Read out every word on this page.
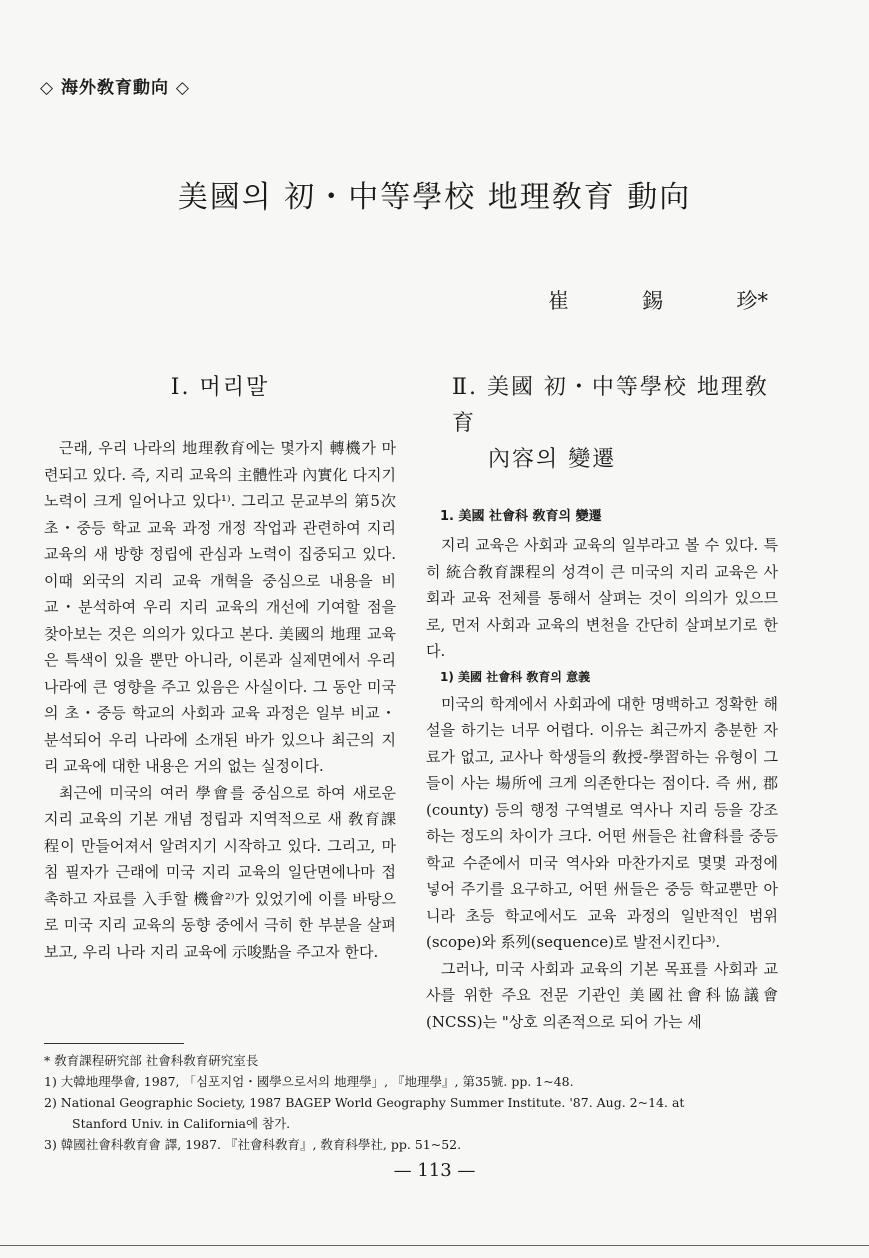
◇ 海外敎育動向 ◇
美國의 初・中等學校 地理敎育 動向
崔	錫	珍*
Ⅰ. 머리말

근래, 우리 나라의 地理敎育에는 몇가지 轉機가 마련되고 있다. 즉, 지리 교육의 主體性과 內實化 다지기 노력이 크게 일어나고 있다¹⁾. 그리고 문교부의 第5次 초・중등 학교 교육 과정 개정 작업과 관련하여 지리 교육의 새 방향 정립에 관심과 노력이 집중되고 있다. 이때 외국의 지리 교육 개혁을 중심으로 내용을 비교・분석하여 우리 지리 교육의 개선에 기여할 점을 찾아보는 것은 의의가 있다고 본다. 美國의 地理 교육은 특색이 있을 뿐만 아니라, 이론과 실제면에서 우리 나라에 큰 영향을 주고 있음은 사실이다. 그 동안 미국의 초・중등 학교의 사회과 교육 과정은 일부 비교・분석되어 우리 나라에 소개된 바가 있으나 최근의 지리 교육에 대한 내용은 거의 없는 실정이다.

최근에 미국의 여러 學會를 중심으로 하여 새로운 지리 교육의 기본 개념 정립과 지역적으로 새 敎育課程이 만들어져서 알려지기 시작하고 있다. 그리고, 마침 필자가 근래에 미국 지리 교육의 일단면에나마 접촉하고 자료를 入手할 機會²⁾가 있었기에 이를 바탕으로 미국 지리 교육의 동향 중에서 극히 한 부분을 살펴보고, 우리 나라 지리 교육에 示唆點을 주고자 한다.

Ⅱ. 美國 初・中等學校 地理敎育
內容의 變遷
1. 美國 社會科 敎育의 變遷

지리 교육은 사회과 교육의 일부라고 볼 수 있다. 특히 統合敎育課程의 성격이 큰 미국의 지리 교육은 사회과 교육 전체를 통해서 살펴는 것이 의의가 있으므로, 먼저 사회과 교육의 변천을 간단히 살펴보기로 한다.

1) 美國 社會科 敎育의 意義

미국의 학계에서 사회과에 대한 명백하고 정확한 해설을 하기는 너무 어렵다. 이유는 최근까지 충분한 자료가 없고, 교사나 학생들의 敎授-學習하는 유형이 그들이 사는 場所에 크게 의존한다는 점이다. 즉 州, 郡(county) 등의 행정 구역별로 역사나 지리 등을 강조하는 정도의 차이가 크다. 어떤 州들은 社會科를 중등 학교 수준에서 미국 역사와 마찬가지로 몇몇 과정에 넣어 주기를 요구하고, 어떤 州들은 중등 학교뿐만 아니라 초등 학교에서도 교육 과정의 일반적인 범위(scope)와 系列(sequence)로 발전시킨다³⁾.

그러나, 미국 사회과 교육의 기본 목표를 사회과 교사를 위한 주요 전문 기관인 美國社會科協議會(NCSS)는 "상호 의존적으로 되어 가는 세

* 敎育課程硏究部 社會科敎育硏究室長

1) 大韓地理學會, 1987, 「심포지엄・國學으로서의 地理學」, 『地理學』, 第35號. pp. 1~48.

2) National Geographic Society, 1987 BAGEP World Geography Summer Institute. '87. Aug. 2~14. at

Stanford Univ. in California에 참가.

3) 韓國社會科敎育會 譯, 1987. 『社會科敎育』, 敎育科學社, pp. 51~52.

— 113 —
